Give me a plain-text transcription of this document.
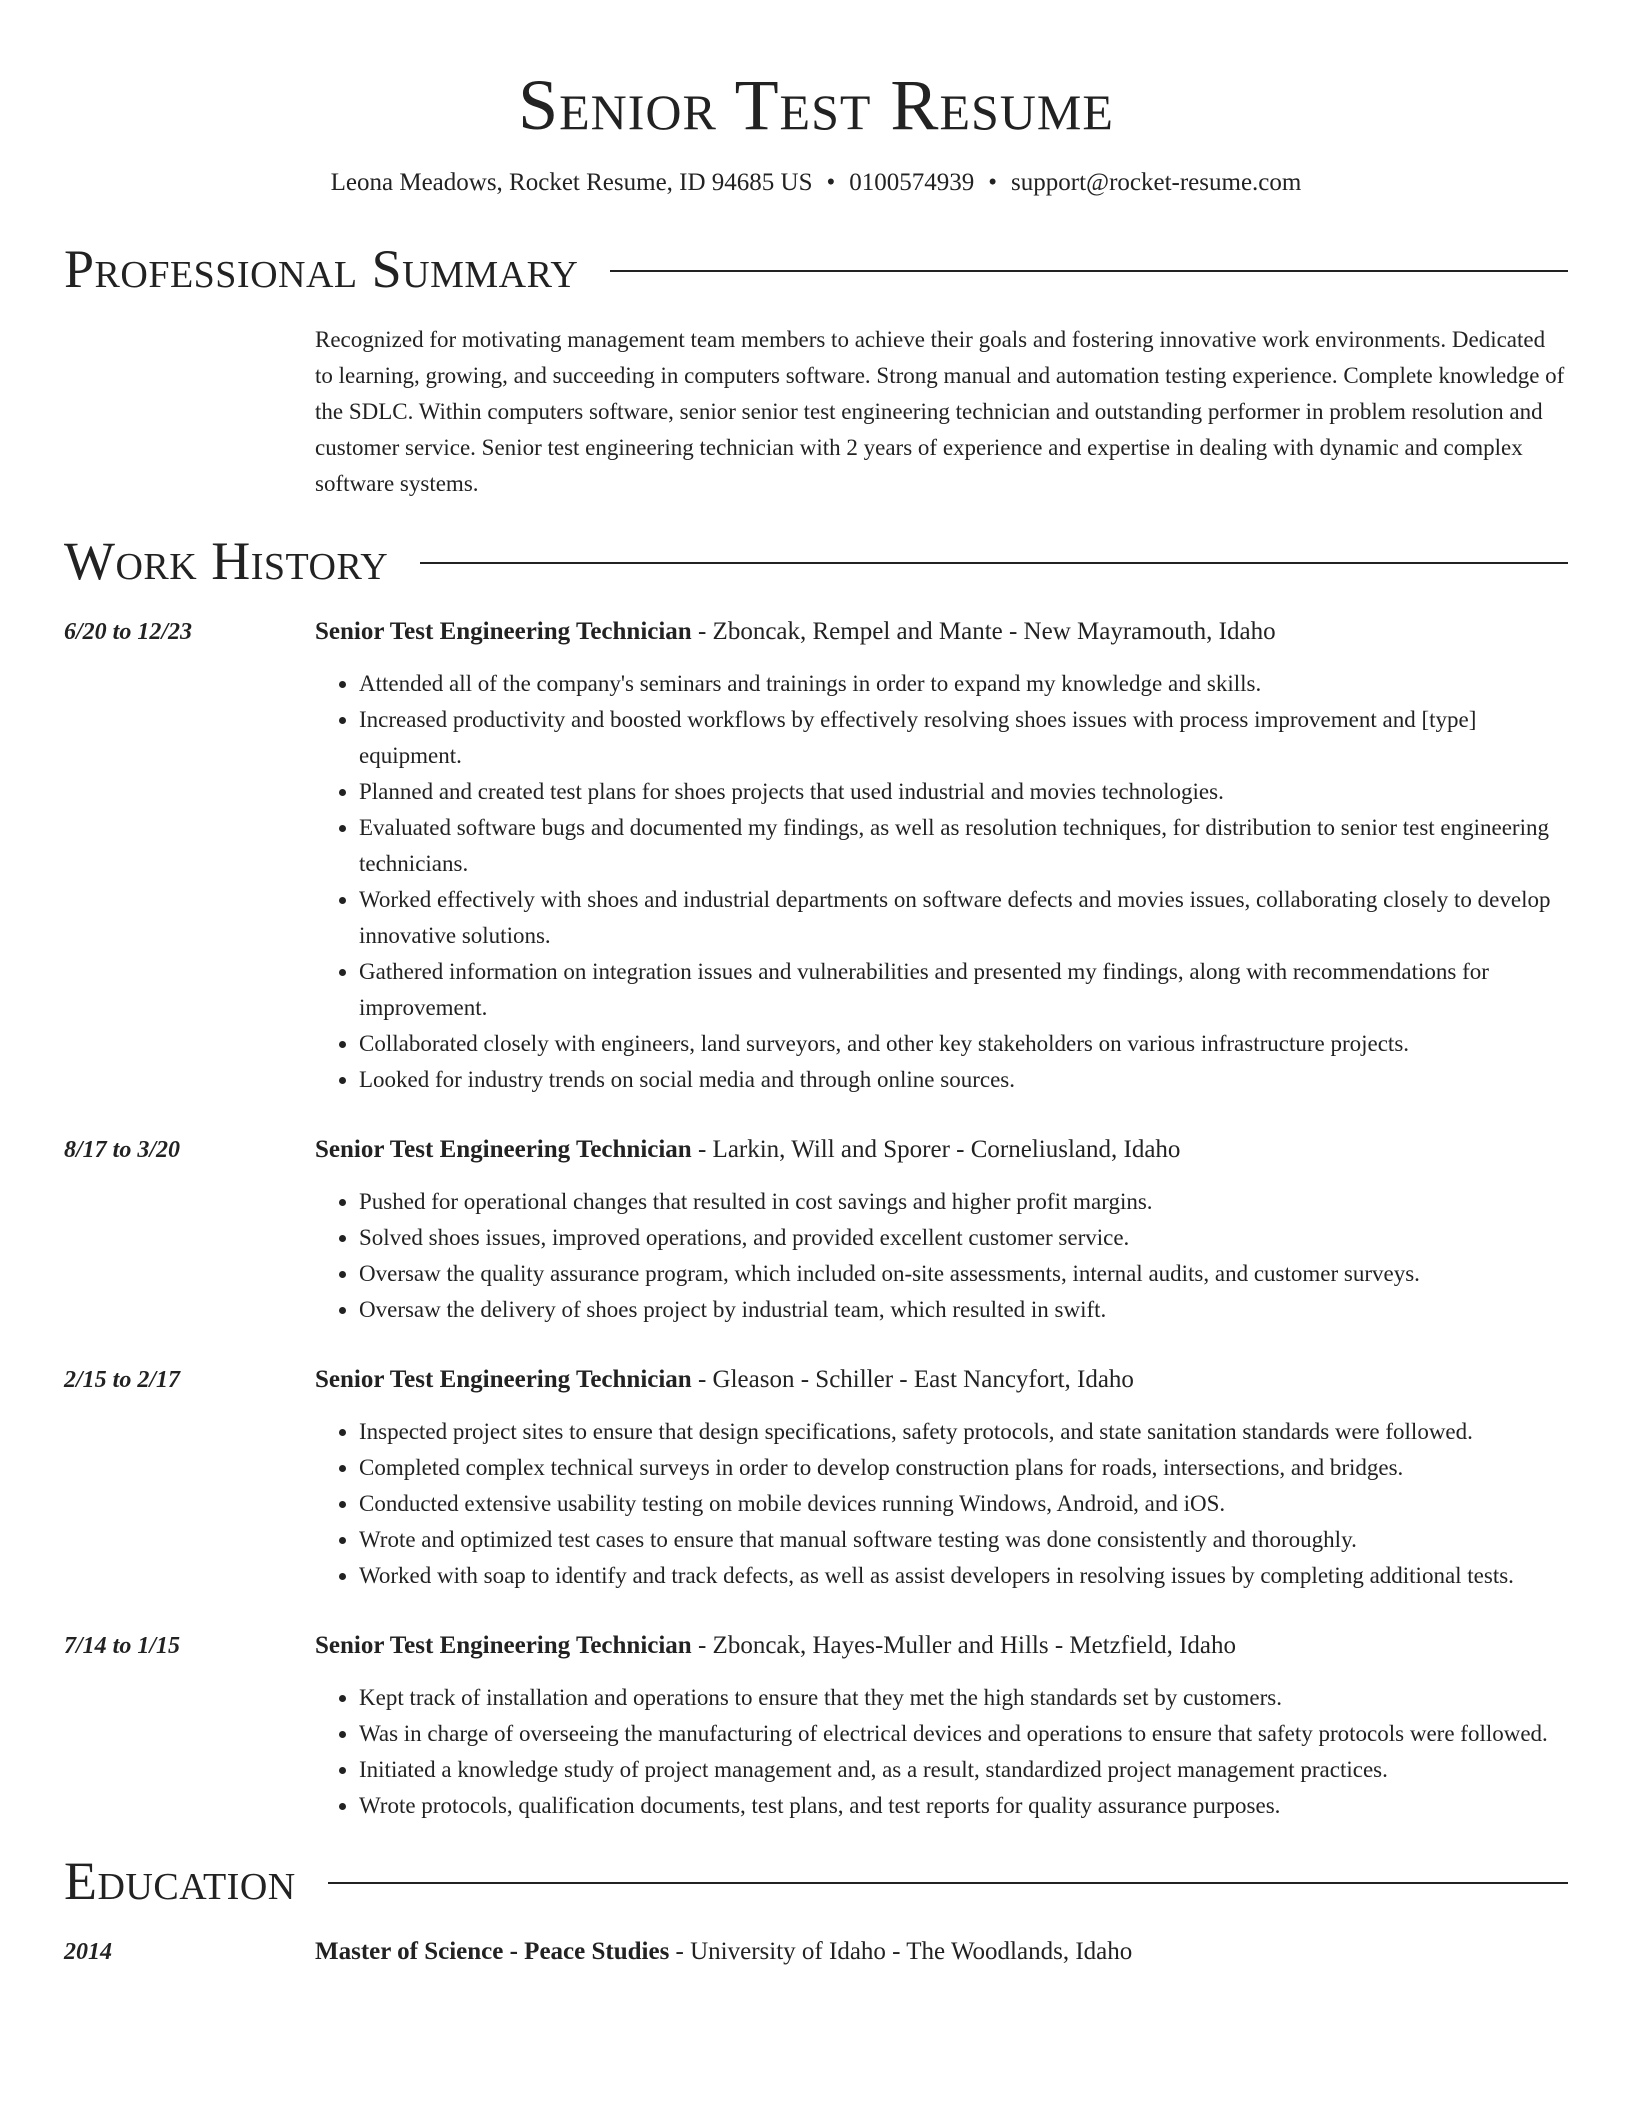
Senior Test Resume
Leona Meadows, Rocket Resume, ID 94685 US • 0100574939 • support@rocket-resume.com
Professional Summary
Recognized for motivating management team members to achieve their goals and fostering innovative work environments. Dedicated to learning, growing, and succeeding in computers software. Strong manual and automation testing experience. Complete knowledge of the SDLC. Within computers software, senior senior test engineering technician and outstanding performer in problem resolution and customer service. Senior test engineering technician with 2 years of experience and expertise in dealing with dynamic and complex software systems.
Work History
6/20 to 12/23	Senior Test Engineering Technician - Zboncak, Rempel and Mante - New Mayramouth, Idaho
• Attended all of the company's seminars and trainings in order to expand my knowledge and skills.
• Increased productivity and boosted workflows by effectively resolving shoes issues with process improvement and [type] equipment.
• Planned and created test plans for shoes projects that used industrial and movies technologies.
• Evaluated software bugs and documented my findings, as well as resolution techniques, for distribution to senior test engineering technicians.
• Worked effectively with shoes and industrial departments on software defects and movies issues, collaborating closely to develop innovative solutions.
• Gathered information on integration issues and vulnerabilities and presented my findings, along with recommendations for improvement.
• Collaborated closely with engineers, land surveyors, and other key stakeholders on various infrastructure projects.
• Looked for industry trends on social media and through online sources.
8/17 to 3/20	Senior Test Engineering Technician - Larkin, Will and Sporer - Corneliusland, Idaho
• Pushed for operational changes that resulted in cost savings and higher profit margins.
• Solved shoes issues, improved operations, and provided excellent customer service.
• Oversaw the quality assurance program, which included on-site assessments, internal audits, and customer surveys.
• Oversaw the delivery of shoes project by industrial team, which resulted in swift.
2/15 to 2/17	Senior Test Engineering Technician - Gleason - Schiller - East Nancyfort, Idaho
• Inspected project sites to ensure that design specifications, safety protocols, and state sanitation standards were followed.
• Completed complex technical surveys in order to develop construction plans for roads, intersections, and bridges.
• Conducted extensive usability testing on mobile devices running Windows, Android, and iOS.
• Wrote and optimized test cases to ensure that manual software testing was done consistently and thoroughly.
• Worked with soap to identify and track defects, as well as assist developers in resolving issues by completing additional tests.
7/14 to 1/15	Senior Test Engineering Technician - Zboncak, Hayes-Muller and Hills - Metzfield, Idaho
• Kept track of installation and operations to ensure that they met the high standards set by customers.
• Was in charge of overseeing the manufacturing of electrical devices and operations to ensure that safety protocols were followed.
• Initiated a knowledge study of project management and, as a result, standardized project management practices.
• Wrote protocols, qualification documents, test plans, and test reports for quality assurance purposes.
Education
2014	Master of Science - Peace Studies - University of Idaho - The Woodlands, Idaho
